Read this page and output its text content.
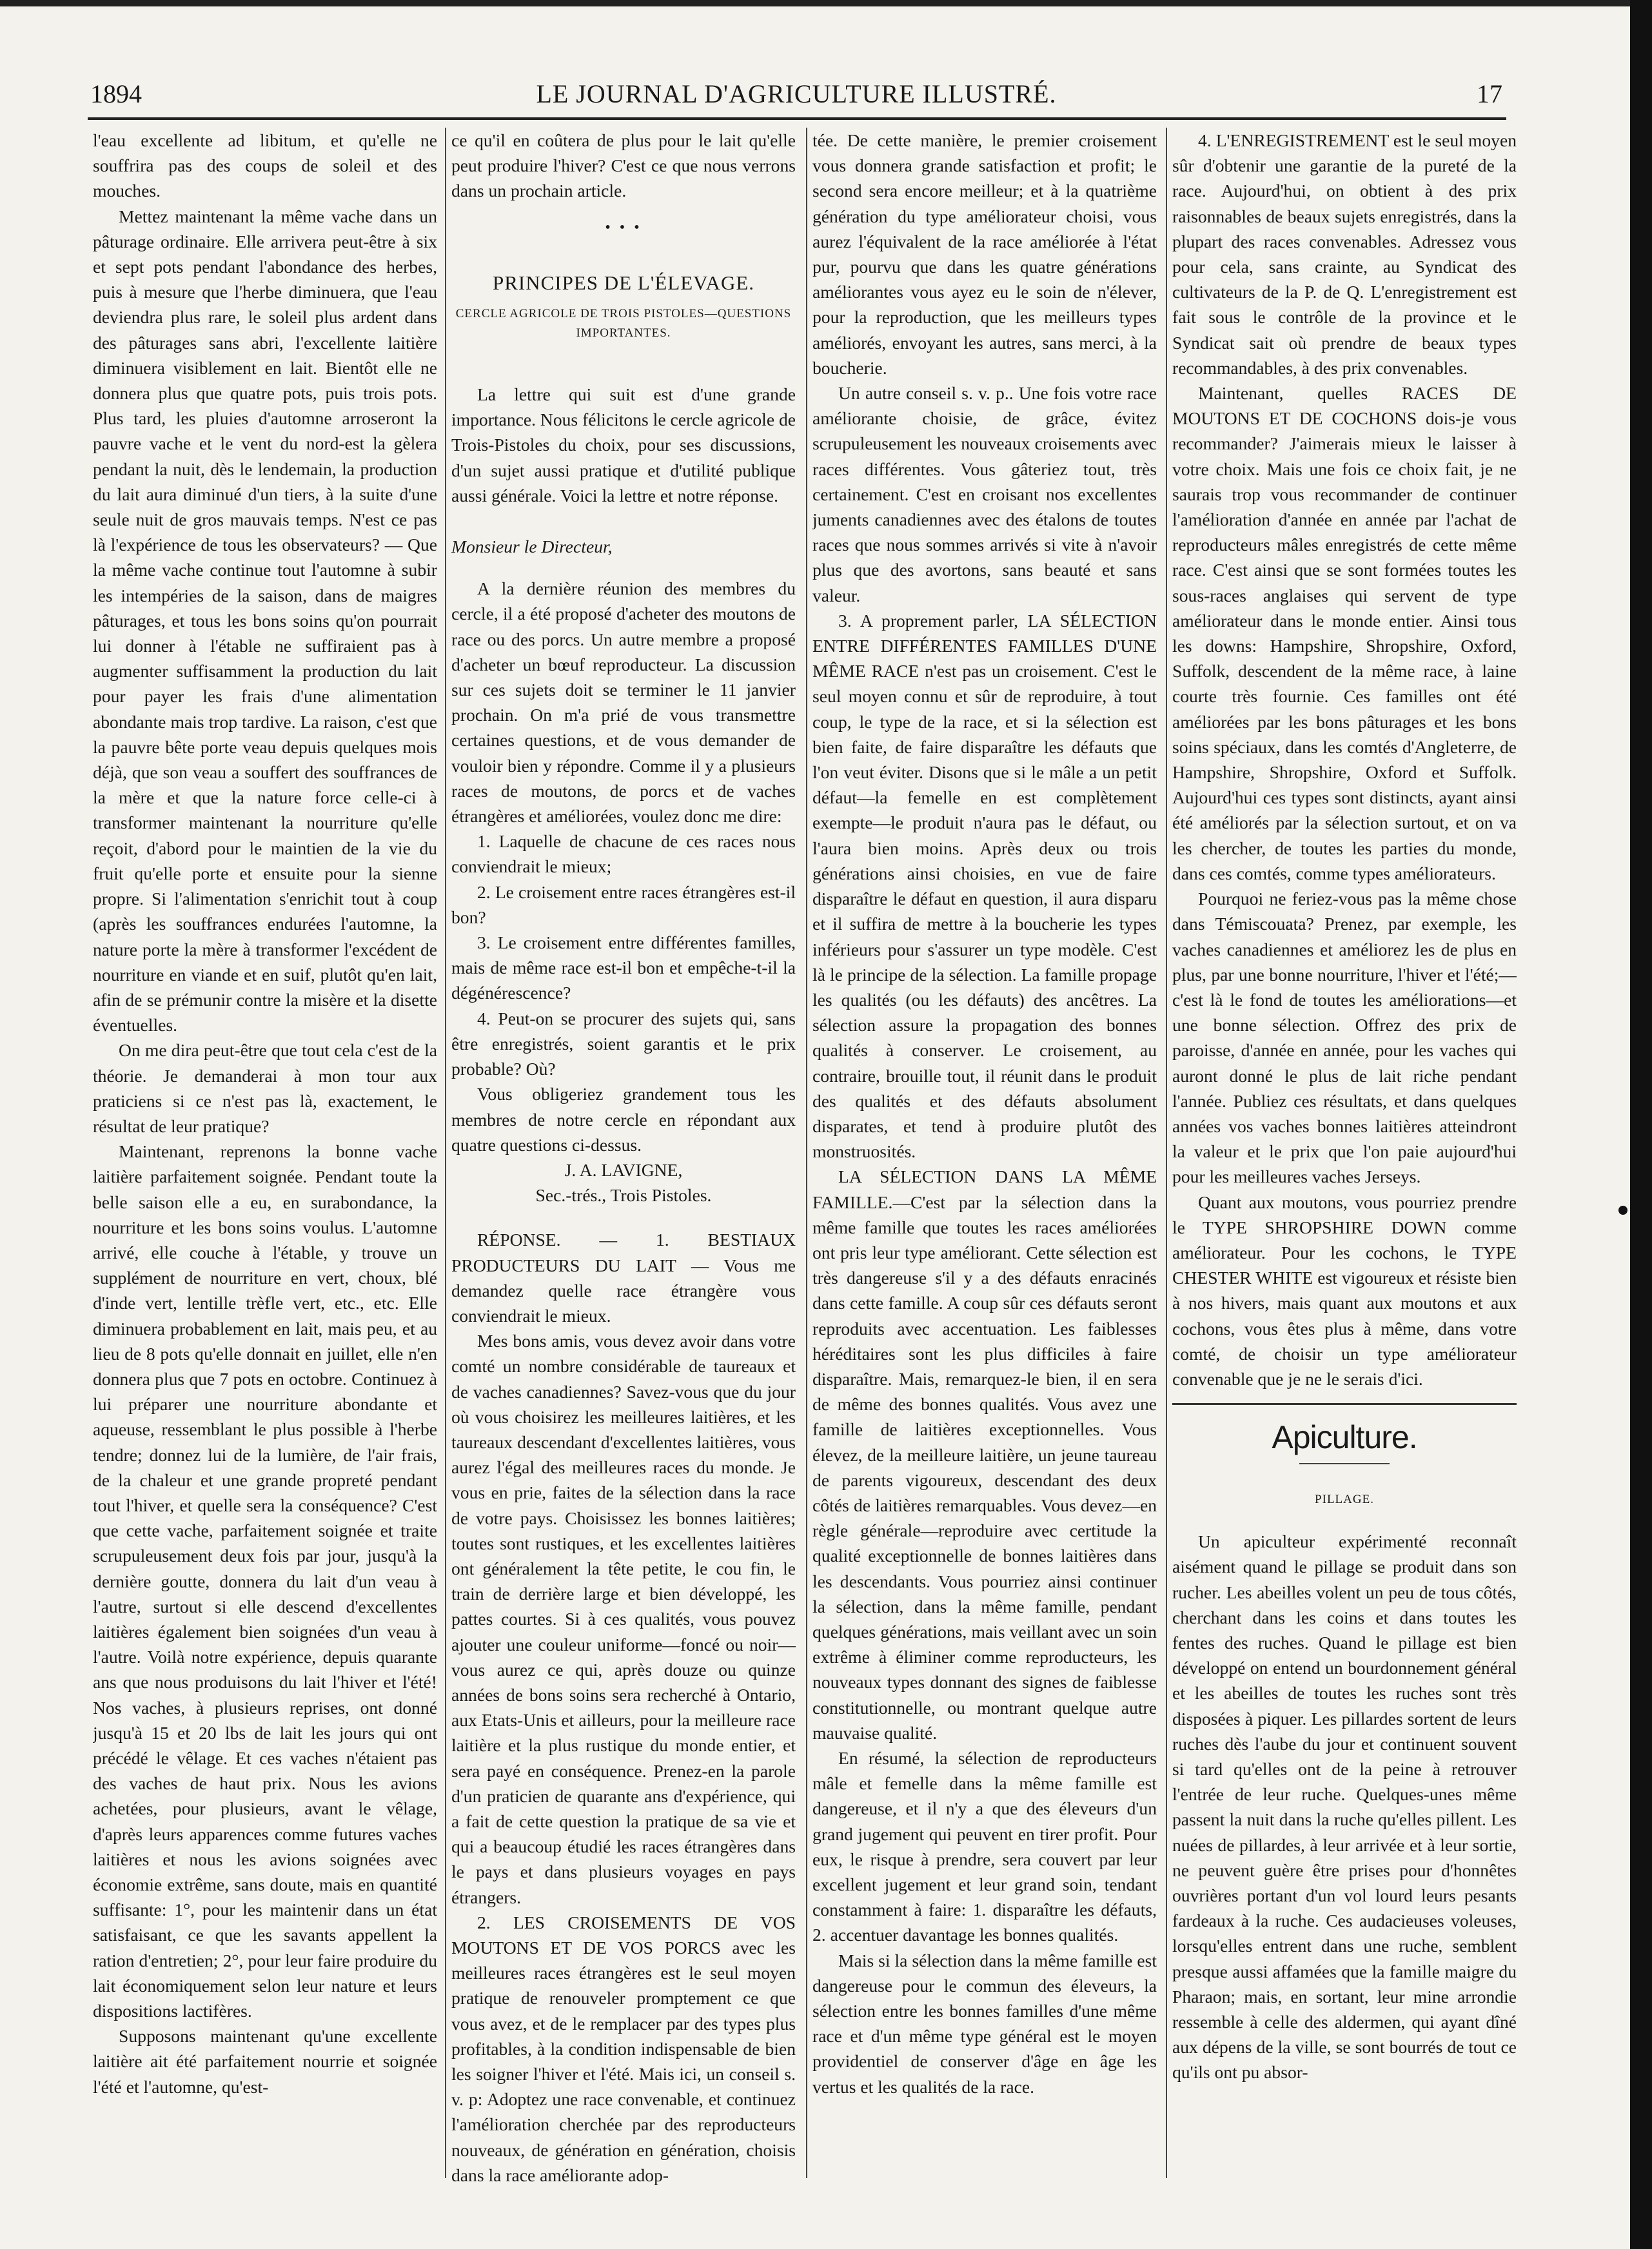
1894	LE JOURNAL D'AGRICULTURE ILLUSTRÉ.	17

l'eau excellente ad libitum, et qu'elle ne souffrira pas des coups de soleil et des mouches.

Mettez maintenant la même vache dans un pâturage ordinaire. Elle arrivera peut-être à six et sept pots pendant l'abondance des herbes, puis à mesure que l'herbe diminuera, que l'eau deviendra plus rare, le soleil plus ardent dans des pâturages sans abri, l'excellente laitière diminuera visiblement en lait. Bientôt elle ne donnera plus que quatre pots, puis trois pots. Plus tard, les pluies d'automne arroseront la pauvre vache et le vent du nord-est la gèlera pendant la nuit, dès le lendemain, la production du lait aura diminué d'un tiers, à la suite d'une seule nuit de gros mauvais temps. N'est ce pas là l'expérience de tous les observateurs? — Que la même vache continue tout l'automne à subir les intempéries de la saison, dans de maigres pâturages, et tous les bons soins qu'on pourrait lui donner à l'étable ne suffiraient pas à augmenter suffisamment la production du lait pour payer les frais d'une alimentation abondante mais trop tardive. La raison, c'est que la pauvre bête porte veau depuis quelques mois déjà, que son veau a souffert des souffrances de la mère et que la nature force celle-ci à transformer maintenant la nourriture qu'elle reçoit, d'abord pour le maintien de la vie du fruit qu'elle porte et ensuite pour la sienne propre. Si l'alimentation s'enrichit tout à coup (après les souffrances endurées l'automne, la nature porte la mère à transformer l'excédent de nourriture en viande et en suif, plutôt qu'en lait, afin de se prémunir contre la misère et la disette éventuelles.

On me dira peut-être que tout cela c'est de la théorie. Je demanderai à mon tour aux praticiens si ce n'est pas là, exactement, le résultat de leur pratique?

Maintenant, reprenons la bonne vache laitière parfaitement soignée. Pendant toute la belle saison elle a eu, en surabondance, la nourriture et les bons soins voulus. L'automne arrivé, elle couche à l'étable, y trouve un supplément de nourriture en vert, choux, blé d'inde vert, lentille trèfle vert, etc., etc. Elle diminuera probablement en lait, mais peu, et au lieu de 8 pots qu'elle donnait en juillet, elle n'en donnera plus que 7 pots en octobre. Continuez à lui préparer une nourriture abondante et aqueuse, ressemblant le plus possible à l'herbe tendre; donnez lui de la lumière, de l'air frais, de la chaleur et une grande propreté pendant tout l'hiver, et quelle sera la conséquence? C'est que cette vache, parfaitement soignée et traite scrupuleusement deux fois par jour, jusqu'à la dernière goutte, donnera du lait d'un veau à l'autre, surtout si elle descend d'excellentes laitières également bien soignées d'un veau à l'autre. Voilà notre expérience, depuis quarante ans que nous produisons du lait l'hiver et l'été! Nos vaches, à plusieurs reprises, ont donné jusqu'à 15 et 20 lbs de lait les jours qui ont précédé le vêlage. Et ces vaches n'étaient pas des vaches de haut prix. Nous les avions achetées, pour plusieurs, avant le vêlage, d'après leurs apparences comme futures vaches laitières et nous les avions soignées avec économie extrême, sans doute, mais en quantité suffisante: 1°, pour les maintenir dans un état satisfaisant, ce que les savants appellent la ration d'entretien; 2°, pour leur faire produire du lait économiquement selon leur nature et leurs dispositions lactifères.

Supposons maintenant qu'une excellente laitière ait été parfaitement nourrie et soignée l'été et l'automne, qu'est-

ce qu'il en coûtera de plus pour le lait qu'elle peut produire l'hiver? C'est ce que nous verrons dans un prochain article.

• • •
PRINCIPES DE L'ÉLEVAGE.
CERCLE AGRICOLE DE TROIS PISTOLES—QUESTIONS IMPORTANTES.

La lettre qui suit est d'une grande importance. Nous félicitons le cercle agricole de Trois-Pistoles du choix, pour ses discussions, d'un sujet aussi pratique et d'utilité publique aussi générale. Voici la lettre et notre réponse.

Monsieur le Directeur,

A la dernière réunion des membres du cercle, il a été proposé d'acheter des moutons de race ou des porcs. Un autre membre a proposé d'acheter un bœuf reproducteur. La discussion sur ces sujets doit se terminer le 11 janvier prochain. On m'a prié de vous transmettre certaines questions, et de vous demander de vouloir bien y répondre. Comme il y a plusieurs races de moutons, de porcs et de vaches étrangères et améliorées, voulez donc me dire:

1. Laquelle de chacune de ces races nous conviendrait le mieux;

2. Le croisement entre races étrangères est-il bon?

3. Le croisement entre différentes familles, mais de même race est-il bon et empêche-t-il la dégénérescence?

4. Peut-on se procurer des sujets qui, sans être enregistrés, soient garantis et le prix probable? Où?

Vous obligeriez grandement tous les membres de notre cercle en répondant aux quatre questions ci-dessus.

J. A. LAVIGNE,
Sec.-trés., Trois Pistoles.

RÉPONSE. — 1. BESTIAUX PRODUCTEURS DU LAIT — Vous me demandez quelle race étrangère vous conviendrait le mieux.

Mes bons amis, vous devez avoir dans votre comté un nombre considérable de taureaux et de vaches canadiennes? Savez-vous que du jour où vous choisirez les meilleures laitières, et les taureaux descendant d'excellentes laitières, vous aurez l'égal des meilleures races du monde. Je vous en prie, faites de la sélection dans la race de votre pays. Choisissez les bonnes laitières; toutes sont rustiques, et les excellentes laitières ont généralement la tête petite, le cou fin, le train de derrière large et bien développé, les pattes courtes. Si à ces qualités, vous pouvez ajouter une couleur uniforme—foncé ou noir— vous aurez ce qui, après douze ou quinze années de bons soins sera recherché à Ontario, aux Etats-Unis et ailleurs, pour la meilleure race laitière et la plus rustique du monde entier, et sera payé en conséquence. Prenez-en la parole d'un praticien de quarante ans d'expérience, qui a fait de cette question la pratique de sa vie et qui a beaucoup étudié les races étrangères dans le pays et dans plusieurs voyages en pays étrangers.

2. LES CROISEMENTS DE VOS MOUTONS ET DE VOS PORCS avec les meilleures races étrangères est le seul moyen pratique de renouveler promptement ce que vous avez, et de le remplacer par des types plus profitables, à la condition indispensable de bien les soigner l'hiver et l'été. Mais ici, un conseil s. v. p: Adoptez une race convenable, et continuez l'amélioration cherchée par des reproducteurs nouveaux, de génération en génération, choisis dans la race améliorante adop-

tée. De cette manière, le premier croisement vous donnera grande satisfaction et profit; le second sera encore meilleur; et à la quatrième génération du type améliorateur choisi, vous aurez l'équivalent de la race améliorée à l'état pur, pourvu que dans les quatre générations améliorantes vous ayez eu le soin de n'élever, pour la reproduction, que les meilleurs types améliorés, envoyant les autres, sans merci, à la boucherie.

Un autre conseil s. v. p.. Une fois votre race améliorante choisie, de grâce, évitez scrupuleusement les nouveaux croisements avec races différentes. Vous gâteriez tout, très certainement. C'est en croisant nos excellentes juments canadiennes avec des étalons de toutes races que nous sommes arrivés si vite à n'avoir plus que des avortons, sans beauté et sans valeur.

3. A proprement parler, LA SÉLECTION ENTRE DIFFÉRENTES FAMILLES D'UNE MÊME RACE n'est pas un croisement. C'est le seul moyen connu et sûr de reproduire, à tout coup, le type de la race, et si la sélection est bien faite, de faire disparaître les défauts que l'on veut éviter. Disons que si le mâle a un petit défaut—la femelle en est complètement exempte—le produit n'aura pas le défaut, ou l'aura bien moins. Après deux ou trois générations ainsi choisies, en vue de faire disparaître le défaut en question, il aura disparu et il suffira de mettre à la boucherie les types inférieurs pour s'assurer un type modèle. C'est là le principe de la sélection. La famille propage les qualités (ou les défauts) des ancêtres. La sélection assure la propagation des bonnes qualités à conserver. Le croisement, au contraire, brouille tout, il réunit dans le produit des qualités et des défauts absolument disparates, et tend à produire plutôt des monstruosités.

LA SÉLECTION DANS LA MÊME FAMILLE.—C'est par la sélection dans la même famille que toutes les races améliorées ont pris leur type améliorant. Cette sélection est très dangereuse s'il y a des défauts enracinés dans cette famille. A coup sûr ces défauts seront reproduits avec accentuation. Les faiblesses héréditaires sont les plus difficiles à faire disparaître. Mais, remarquez-le bien, il en sera de même des bonnes qualités. Vous avez une famille de laitières exceptionnelles. Vous élevez, de la meilleure laitière, un jeune taureau de parents vigoureux, descendant des deux côtés de laitières remarquables. Vous devez—en règle générale—reproduire avec certitude la qualité exceptionnelle de bonnes laitières dans les descendants. Vous pourriez ainsi continuer la sélection, dans la même famille, pendant quelques générations, mais veillant avec un soin extrême à éliminer comme reproducteurs, les nouveaux types donnant des signes de faiblesse constitutionnelle, ou montrant quelque autre mauvaise qualité.

En résumé, la sélection de reproducteurs mâle et femelle dans la même famille est dangereuse, et il n'y a que des éleveurs d'un grand jugement qui peuvent en tirer profit. Pour eux, le risque à prendre, sera couvert par leur excellent jugement et leur grand soin, tendant constamment à faire: 1. disparaître les défauts, 2. accentuer davantage les bonnes qualités.

Mais si la sélection dans la même famille est dangereuse pour le commun des éleveurs, la sélection entre les bonnes familles d'une même race et d'un même type général est le moyen providentiel de conserver d'âge en âge les vertus et les qualités de la race.

4. L'ENREGISTREMENT est le seul moyen sûr d'obtenir une garantie de la pureté de la race. Aujourd'hui, on obtient à des prix raisonnables de beaux sujets enregistrés, dans la plupart des races convenables. Adressez vous pour cela, sans crainte, au Syndicat des cultivateurs de la P. de Q. L'enregistrement est fait sous le contrôle de la province et le Syndicat sait où prendre de beaux types recommandables, à des prix convenables.

Maintenant, quelles RACES DE MOUTONS ET DE COCHONS dois-je vous recommander? J'aimerais mieux le laisser à votre choix. Mais une fois ce choix fait, je ne saurais trop vous recommander de continuer l'amélioration d'année en année par l'achat de reproducteurs mâles enregistrés de cette même race. C'est ainsi que se sont formées toutes les sous-races anglaises qui servent de type améliorateur dans le monde entier. Ainsi tous les downs: Hampshire, Shropshire, Oxford, Suffolk, descendent de la même race, à laine courte très fournie. Ces familles ont été améliorées par les bons pâturages et les bons soins spéciaux, dans les comtés d'Angleterre, de Hampshire, Shropshire, Oxford et Suffolk. Aujourd'hui ces types sont distincts, ayant ainsi été améliorés par la sélection surtout, et on va les chercher, de toutes les parties du monde, dans ces comtés, comme types améliorateurs.

Pourquoi ne feriez-vous pas la même chose dans Témiscouata? Prenez, par exemple, les vaches canadiennes et améliorez les de plus en plus, par une bonne nourriture, l'hiver et l'été;—c'est là le fond de toutes les améliorations—et une bonne sélection. Offrez des prix de paroisse, d'année en année, pour les vaches qui auront donné le plus de lait riche pendant l'année. Publiez ces résultats, et dans quelques années vos vaches bonnes laitières atteindront la valeur et le prix que l'on paie aujourd'hui pour les meilleures vaches Jerseys.

Quant aux moutons, vous pourriez prendre le TYPE SHROPSHIRE DOWN comme améliorateur. Pour les cochons, le TYPE CHESTER WHITE est vigoureux et résiste bien à nos hivers, mais quant aux moutons et aux cochons, vous êtes plus à même, dans votre comté, de choisir un type améliorateur convenable que je ne le serais d'ici.

Apiculture.
PILLAGE.

Un apiculteur expérimenté reconnaît aisément quand le pillage se produit dans son rucher. Les abeilles volent un peu de tous côtés, cherchant dans les coins et dans toutes les fentes des ruches. Quand le pillage est bien développé on entend un bourdonnement général et les abeilles de toutes les ruches sont très disposées à piquer. Les pillardes sortent de leurs ruches dès l'aube du jour et continuent souvent si tard qu'elles ont de la peine à retrouver l'entrée de leur ruche. Quelques-unes même passent la nuit dans la ruche qu'elles pillent. Les nuées de pillardes, à leur arrivée et à leur sortie, ne peuvent guère être prises pour d'honnêtes ouvrières portant d'un vol lourd leurs pesants fardeaux à la ruche. Ces audacieuses voleuses, lorsqu'elles entrent dans une ruche, semblent presque aussi affamées que la famille maigre du Pharaon; mais, en sortant, leur mine arrondie ressemble à celle des aldermen, qui ayant dîné aux dépens de la ville, se sont bourrés de tout ce qu'ils ont pu absor-
